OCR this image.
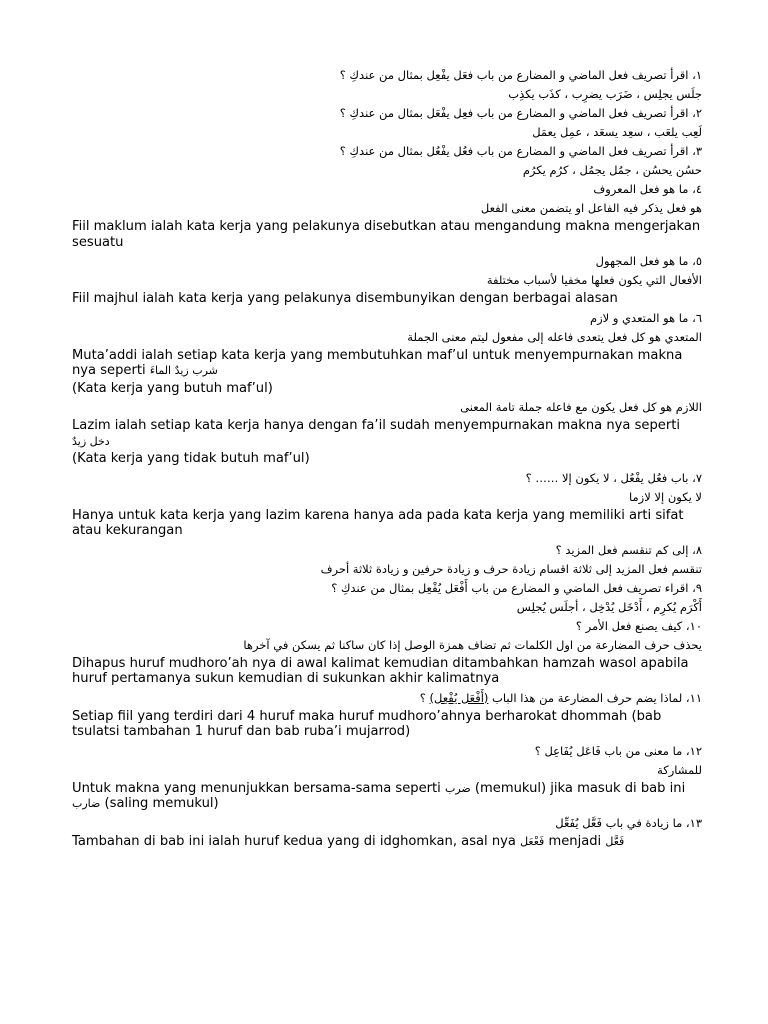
١، اقرأ تصريف فعل الماضي و المضارع من باب فعَل يفْعِل بمثال من عندكِ ؟
جلَس يجلِس ، ضَرَب يضرِب ، كذَب يكذِب
٢، اقرأ تصريف فعل الماضي و المضارع من باب فعِل يفْعَل بمثال من عندكِ ؟
لَعِب يلعَب ، سعِد يسعَد ، عمِل يعمَل
٣، اقرأ تصريف فعل الماضي و المضارع من باب فعُل يفْعُل بمثال من عندكِ ؟
حسُن يحسُن ، جمُل يجمُل ، كرُم يكرُم
٤، ما هو فعل المعروف
هو فعل يذكر فيه الفاعل او يتضمن معنى الفعل
Fiil maklum ialah kata kerja yang pelakunya disebutkan atau mengandung makna mengerjakan sesuatu
٥، ما هو فعل المجهول
الأفعال التي يكون فعلها مخفيا لأسباب مختلفة
Fiil majhul ialah kata kerja yang pelakunya disembunyikan dengan berbagai alasan
٦، ما هو المتعدي و لازم
المتعدي هو كل فعل يتعدى فاعله إلى مفعول ليتم معنى الجملة
Muta’addi ialah setiap kata kerja yang membutuhkan maf’ul untuk menyempurnakan makna nya seperti شرب زيدٌ الماءَ
(Kata kerja yang butuh maf’ul)
اللازم هو كل فعل يكون مع فاعله جملة تامة المعنى
Lazim ialah setiap kata kerja hanya dengan fa’il sudah menyempurnakan makna nya seperti دخل زيدٌ
(Kata kerja yang tidak butuh maf’ul)
٧، باب فعُل يفْعُل ، لا يكون إلا …… ؟
لا يكون إلا لازما
Hanya untuk kata kerja yang lazim karena hanya ada pada kata kerja yang memiliki arti sifat atau kekurangan
٨، إلى كم تنقسم فعل المزيد ؟
تنقسم فعل المزيد إلى ثلاثة اقسام زيادة حرف و زيادة حرفين و زيادة ثلاثة أحرف
٩، اقراء تصريف فعل الماضي و المضارع من باب أَفْعَل يُفْعِل بمثال من عندكِ ؟
أَكْرَم يُكرِم ، أَدْخَل يُدْخِل ، أجلَس يُجلِس
١٠، كيف يصنع فعل الأمر ؟
يحذف حرف المضارعة من اول الكلمات ثم تضاف همزة الوصل إذا كان ساكنا ثم يسكن في آخرها
Dihapus huruf mudhoro’ah nya di awal kalimat kemudian ditambahkan hamzah wasol apabila huruf pertamanya sukun kemudian di sukunkan akhir kalimatnya
١١، لماذا يضم حرف المضارعة من هذا الباب (أَفْعَل يُفْعِل) ؟
Setiap fiil yang terdiri dari 4 huruf maka huruf mudhoro’ahnya berharokat dhommah (bab tsulatsi tambahan 1 huruf dan bab ruba’i mujarrod)
١٢، ما معنى من باب فَاعَل يُفَاعِل ؟
للمشاركة
Untuk makna yang menunjukkan bersama-sama seperti ضرب (memukul) jika masuk di bab ini ضارب (saling memukul)
١٣، ما زيادة في باب فَعَّل يُفَعِّل
Tambahan di bab ini ialah huruf kedua yang di idghomkan, asal nya فَعْعَل menjadi فَعَّل
